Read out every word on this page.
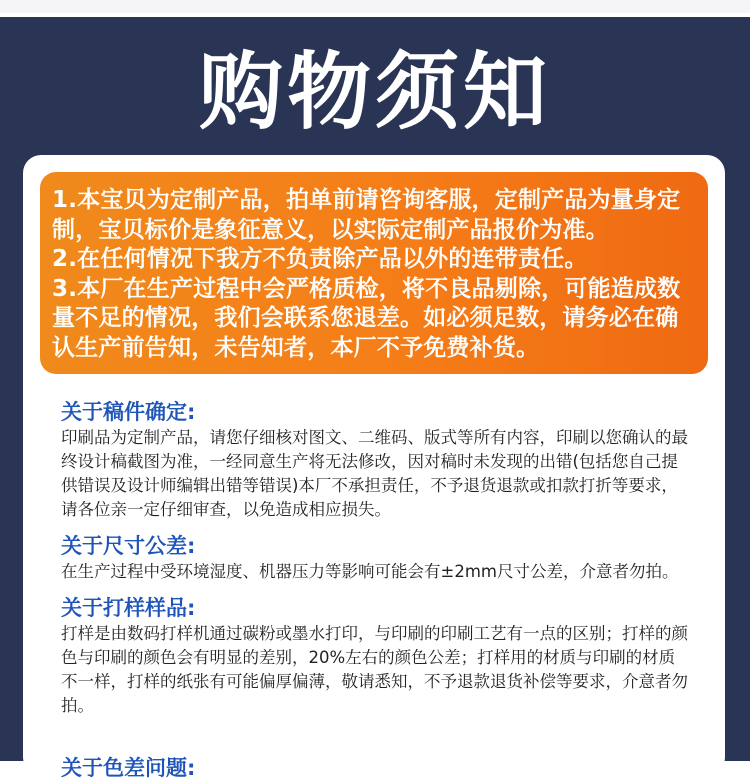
购物须知

1.本宝贝为定制产品，拍单前请咨询客服，定制产品为量身定制，宝贝标价是象征意义，以实际定制产品报价为准。

2.在任何情况下我方不负责除产品以外的连带责任。

3.本厂在生产过程中会严格质检，将不良品剔除，可能造成数量不足的情况，我们会联系您退差。如必须足数，请务必在确认生产前告知，未告知者，本厂不予免费补货。

关于稿件确定:

印刷品为定制产品，请您仔细核对图文、二维码、版式等所有内容，印刷以您确认的最终设计稿截图为准，一经同意生产将无法修改，因对稿时未发现的出错(包括您自己提供错误及设计师编辑出错等错误)本厂不承担责任，不予退货退款或扣款打折等要求，请各位亲一定仔细审查，以免造成相应损失。

关于尺寸公差:

在生产过程中受环境湿度、机器压力等影响可能会有±2mm尺寸公差，介意者勿拍。

关于打样样品:

打样是由数码打样机通过碳粉或墨水打印，与印刷的印刷工艺有一点的区别；打样的颜色与印刷的颜色会有明显的差别，20%左右的颜色公差；打样用的材质与印刷的材质不一样，打样的纸张有可能偏厚偏薄，敬请悉知，不予退款退货补偿等要求，介意者勿拍。

关于色差问题:
